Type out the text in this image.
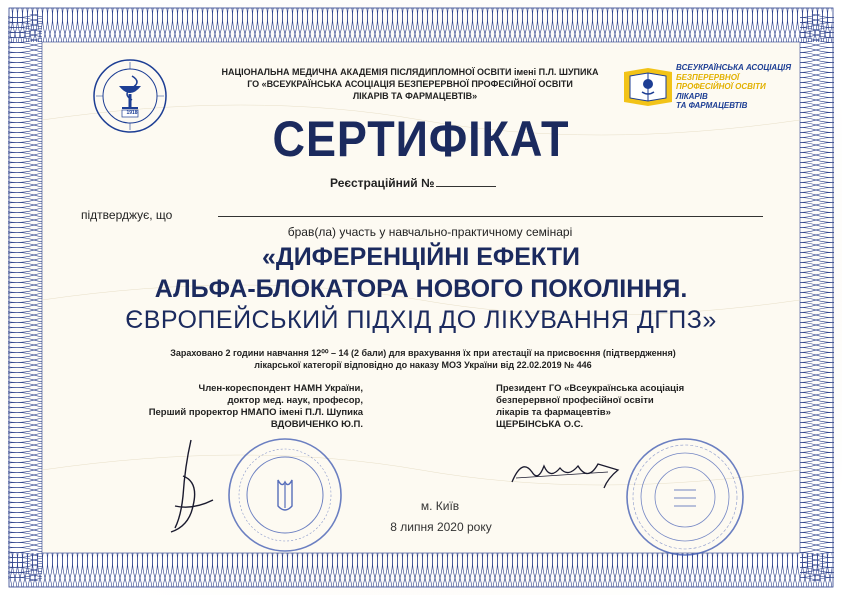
1918
НАЦІОНАЛЬНА МЕДИЧНА АКАДЕМІЯ ПІСЛЯДИПЛОМНОЇ ОСВІТИ імені П.Л. ШУПИКА
ГО «ВСЕУКРАЇНСЬКА АСОЦІАЦІЯ БЕЗПЕРЕРВНОЇ ПРОФЕСІЙНОЇ ОСВІТИ
ЛІКАРІВ ТА ФАРМАЦЕВТІВ»
ВСЕУКРАЇНСЬКА АСОЦІАЦІЯ
БЕЗПЕРЕРВНОЇ
ПРОФЕСІЙНОЇ ОСВІТИ
ЛІКАРІВ
ТА ФАРМАЦЕВТІВ
СЕРТИФІКАТ
Реєстраційний №
підтверджує, що
брав(ла) участь у навчально-практичному семінарі
«ДИФЕРЕНЦІЙНІ ЕФЕКТИ
АЛЬФА-БЛОКАТОРА НОВОГО ПОКОЛІННЯ.
ЄВРОПЕЙСЬКИЙ ПІДХІД ДО ЛІКУВАННЯ ДГПЗ»
Зараховано 2 години навчання 12⁰⁰ – 14 (2 бали) для врахування їх при атестації на присвоєння (підтвердження)
лікарської категорії відповідно до наказу МОЗ України від 22.02.2019 № 446
Член-кореспондент НАМН України,
доктор мед. наук, професор,
Перший проректор НМАПО імені П.Л. Шупика
ВДОВИЧЕНКО Ю.П.
Президент ГО «Всеукраїнська асоціація
безперервної професійної освіти
лікарів та фармацевтів»
ЩЕРБІНСЬКА О.С.
м. Київ
8 липня 2020 року
